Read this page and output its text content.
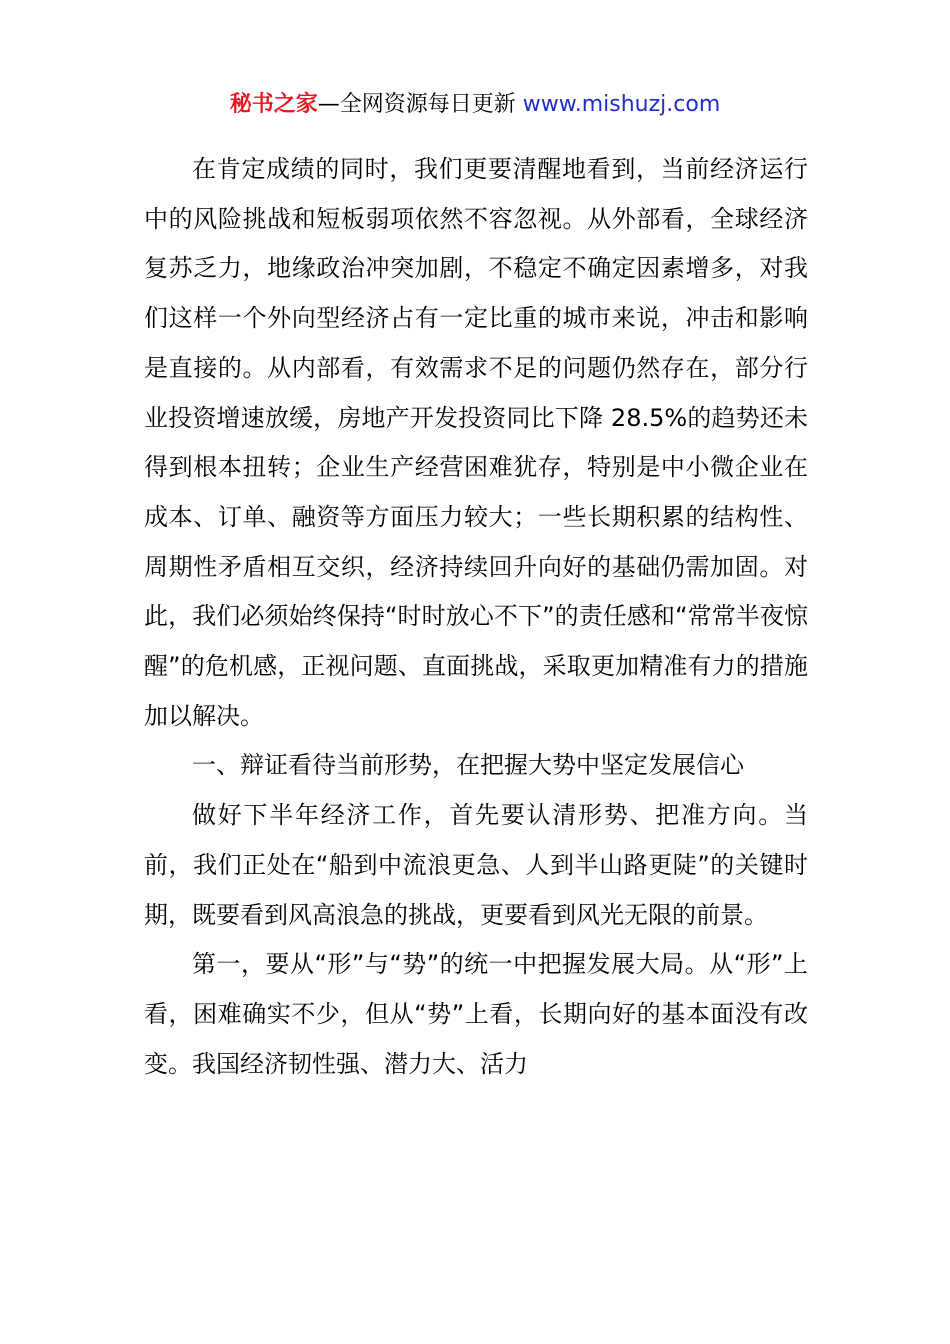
秘书之家—全网资源每日更新 www.mishuzj.com

在肯定成绩的同时，我们更要清醒地看到，当前经济运行中的风险挑战和短板弱项依然不容忽视。从外部看，全球经济复苏乏力，地缘政治冲突加剧，不稳定不确定因素增多，对我们这样一个外向型经济占有一定比重的城市来说，冲击和影响是直接的。从内部看，有效需求不足的问题仍然存在，部分行业投资增速放缓，房地产开发投资同比下降 28.5%的趋势还未得到根本扭转；企业生产经营困难犹存，特别是中小微企业在成本、订单、融资等方面压力较大；一些长期积累的结构性、周期性矛盾相互交织，经济持续回升向好的基础仍需加固。对此，我们必须始终保持“时时放心不下”的责任感和“常常半夜惊醒”的危机感，正视问题、直面挑战，采取更加精准有力的措施加以解决。

一、辩证看待当前形势，在把握大势中坚定发展信心

做好下半年经济工作，首先要认清形势、把准方向。当前，我们正处在“船到中流浪更急、人到半山路更陡”的关键时期，既要看到风高浪急的挑战，更要看到风光无限的前景。

第一，要从“形”与“势”的统一中把握发展大局。从“形”上看，困难确实不少，但从“势”上看，长期向好的基本面没有改变。我国经济韧性强、潜力大、活力
